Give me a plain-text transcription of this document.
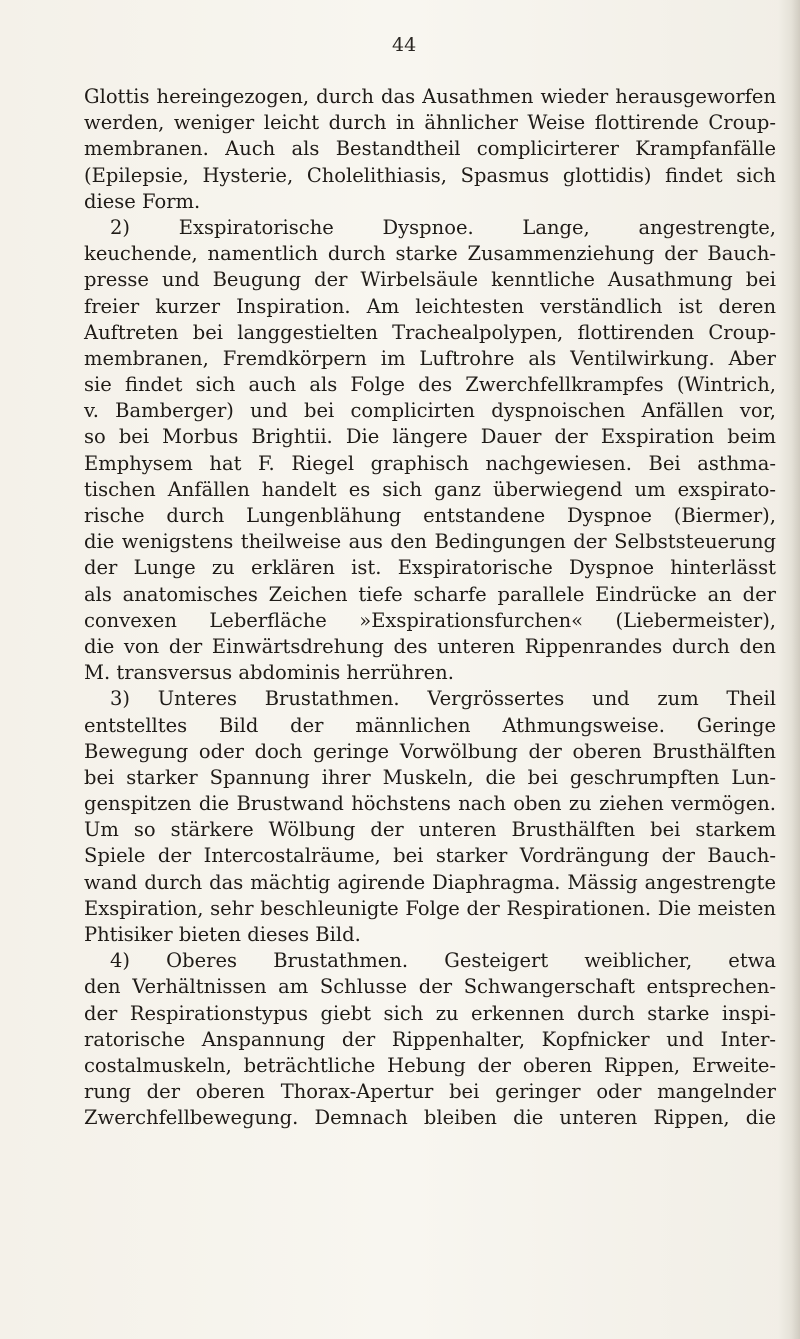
44
Glottis hereingezogen, durch das Ausathmen wieder herausgeworfen
werden, weniger leicht durch in ähnlicher Weise flottirende Croup-
membranen. Auch als Bestandtheil complicirterer Krampfanfälle
(Epilepsie, Hysterie, Cholelithiasis, Spasmus glottidis) findet sich
diese Form.
2) Exspiratorische Dyspnoe. Lange, angestrengte,
keuchende, namentlich durch starke Zusammenziehung der Bauch-
presse und Beugung der Wirbelsäule kenntliche Ausathmung bei
freier kurzer Inspiration. Am leichtesten verständlich ist deren
Auftreten bei langgestielten Trachealpolypen, flottirenden Croup-
membranen, Fremdkörpern im Luftrohre als Ventilwirkung. Aber
sie findet sich auch als Folge des Zwerchfellkrampfes (Wintrich,
v. Bamberger) und bei complicirten dyspnoischen Anfällen vor,
so bei Morbus Brightii. Die längere Dauer der Exspiration beim
Emphysem hat F. Riegel graphisch nachgewiesen. Bei asthma-
tischen Anfällen handelt es sich ganz überwiegend um exspirato-
rische durch Lungenblähung entstandene Dyspnoe (Biermer),
die wenigstens theilweise aus den Bedingungen der Selbststeuerung
der Lunge zu erklären ist. Exspiratorische Dyspnoe hinterlässt
als anatomisches Zeichen tiefe scharfe parallele Eindrücke an der
convexen Leberfläche »Exspirationsfurchen« (Liebermeister),
die von der Einwärtsdrehung des unteren Rippenrandes durch den
M. transversus abdominis herrühren.
3) Unteres Brustathmen. Vergrössertes und zum Theil
entstelltes Bild der männlichen Athmungsweise. Geringe
Bewegung oder doch geringe Vorwölbung der oberen Brusthälften
bei starker Spannung ihrer Muskeln, die bei geschrumpften Lun-
genspitzen die Brustwand höchstens nach oben zu ziehen vermögen.
Um so stärkere Wölbung der unteren Brusthälften bei starkem
Spiele der Intercostalräume, bei starker Vordrängung der Bauch-
wand durch das mächtig agirende Diaphragma. Mässig angestrengte
Exspiration, sehr beschleunigte Folge der Respirationen. Die meisten
Phtisiker bieten dieses Bild.
4) Oberes Brustathmen. Gesteigert weiblicher, etwa
den Verhältnissen am Schlusse der Schwangerschaft entsprechen-
der Respirationstypus giebt sich zu erkennen durch starke inspi-
ratorische Anspannung der Rippenhalter, Kopfnicker und Inter-
costalmuskeln, beträchtliche Hebung der oberen Rippen, Erweite-
rung der oberen Thorax-Apertur bei geringer oder mangelnder
Zwerchfellbewegung. Demnach bleiben die unteren Rippen, die
